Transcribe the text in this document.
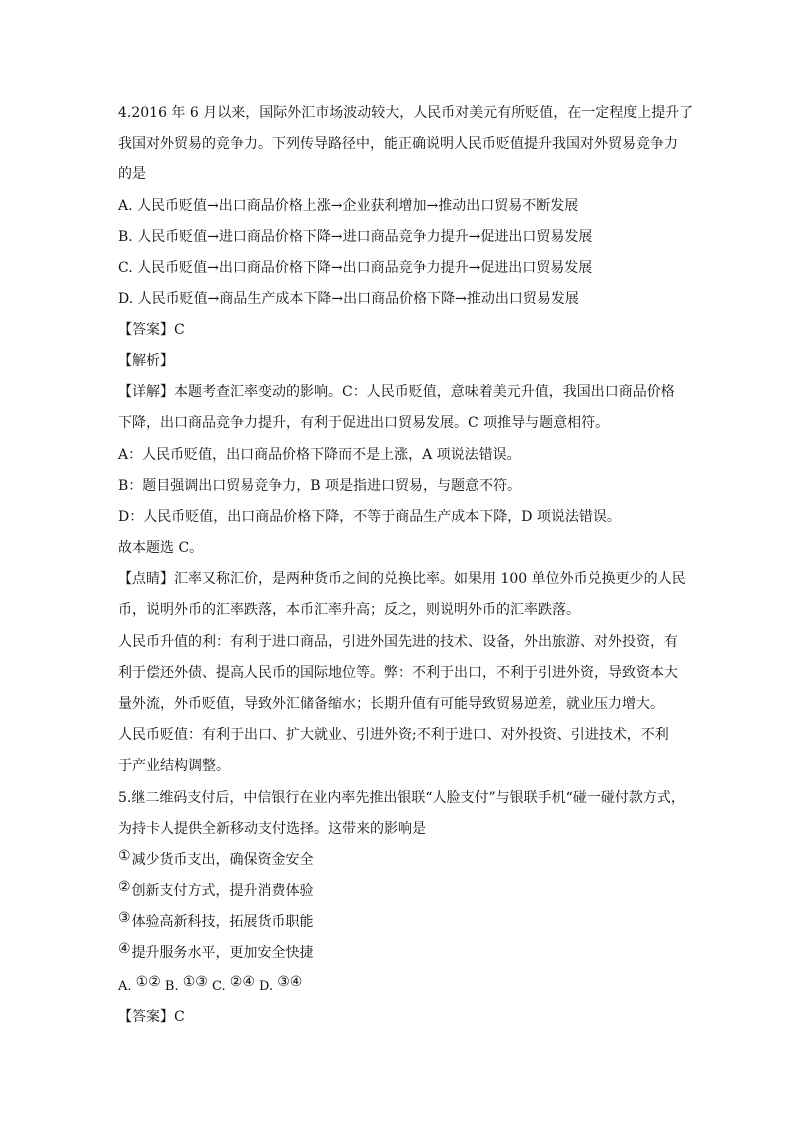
4.2016 年 6 月以来，国际外汇市场波动较大，人民币对美元有所贬值，在一定程度上提升了
我国对外贸易的竞争力。下列传导路径中，能正确说明人民币贬值提升我国对外贸易竞争力
的是
A. 人民币贬值→出口商品价格上涨→企业获利增加→推动出口贸易不断发展
B. 人民币贬值→进口商品价格下降→进口商品竞争力提升→促进出口贸易发展
C. 人民币贬值→出口商品价格下降→出口商品竞争力提升→促进出口贸易发展
D. 人民币贬值→商品生产成本下降→出口商品价格下降→推动出口贸易发展
【答案】C
【解析】
【详解】本题考查汇率变动的影响。C：人民币贬值，意味着美元升值，我国出口商品价格
下降，出口商品竞争力提升，有利于促进出口贸易发展。C 项推导与题意相符。
A：人民币贬值，出口商品价格下降而不是上涨，A 项说法错误。
B：题目强调出口贸易竞争力，B 项是指进口贸易，与题意不符。
D：人民币贬值，出口商品价格下降，不等于商品生产成本下降，D 项说法错误。
故本题选 C。
【点睛】汇率又称汇价，是两种货币之间的兑换比率。如果用 100 单位外币兑换更少的人民
币，说明外币的汇率跌落，本币汇率升高；反之，则说明外币的汇率跌落。
人民币升值的利：有利于进口商品，引进外国先进的技术、设备，外出旅游、对外投资，有
利于偿还外债、提高人民币的国际地位等。弊：不利于出口，不利于引进外资，导致资本大
量外流，外币贬值，导致外汇储备缩水；长期升值有可能导致贸易逆差，就业压力增大。
人民币贬值：有利于出口、扩大就业、引进外资;不利于进口、对外投资、引进技术，不利
于产业结构调整。
5.继二维码支付后，中信银行在业内率先推出银联“人脸支付”与银联手机“碰一碰付款方式，
为持卡人提供全新移动支付选择。这带来的影响是
①减少货币支出，确保资金安全
②创新支付方式，提升消费体验
③体验高新科技，拓展货币职能
④提升服务水平，更加安全快捷
A. ①② B. ①③ C. ②④ D. ③④
【答案】C
